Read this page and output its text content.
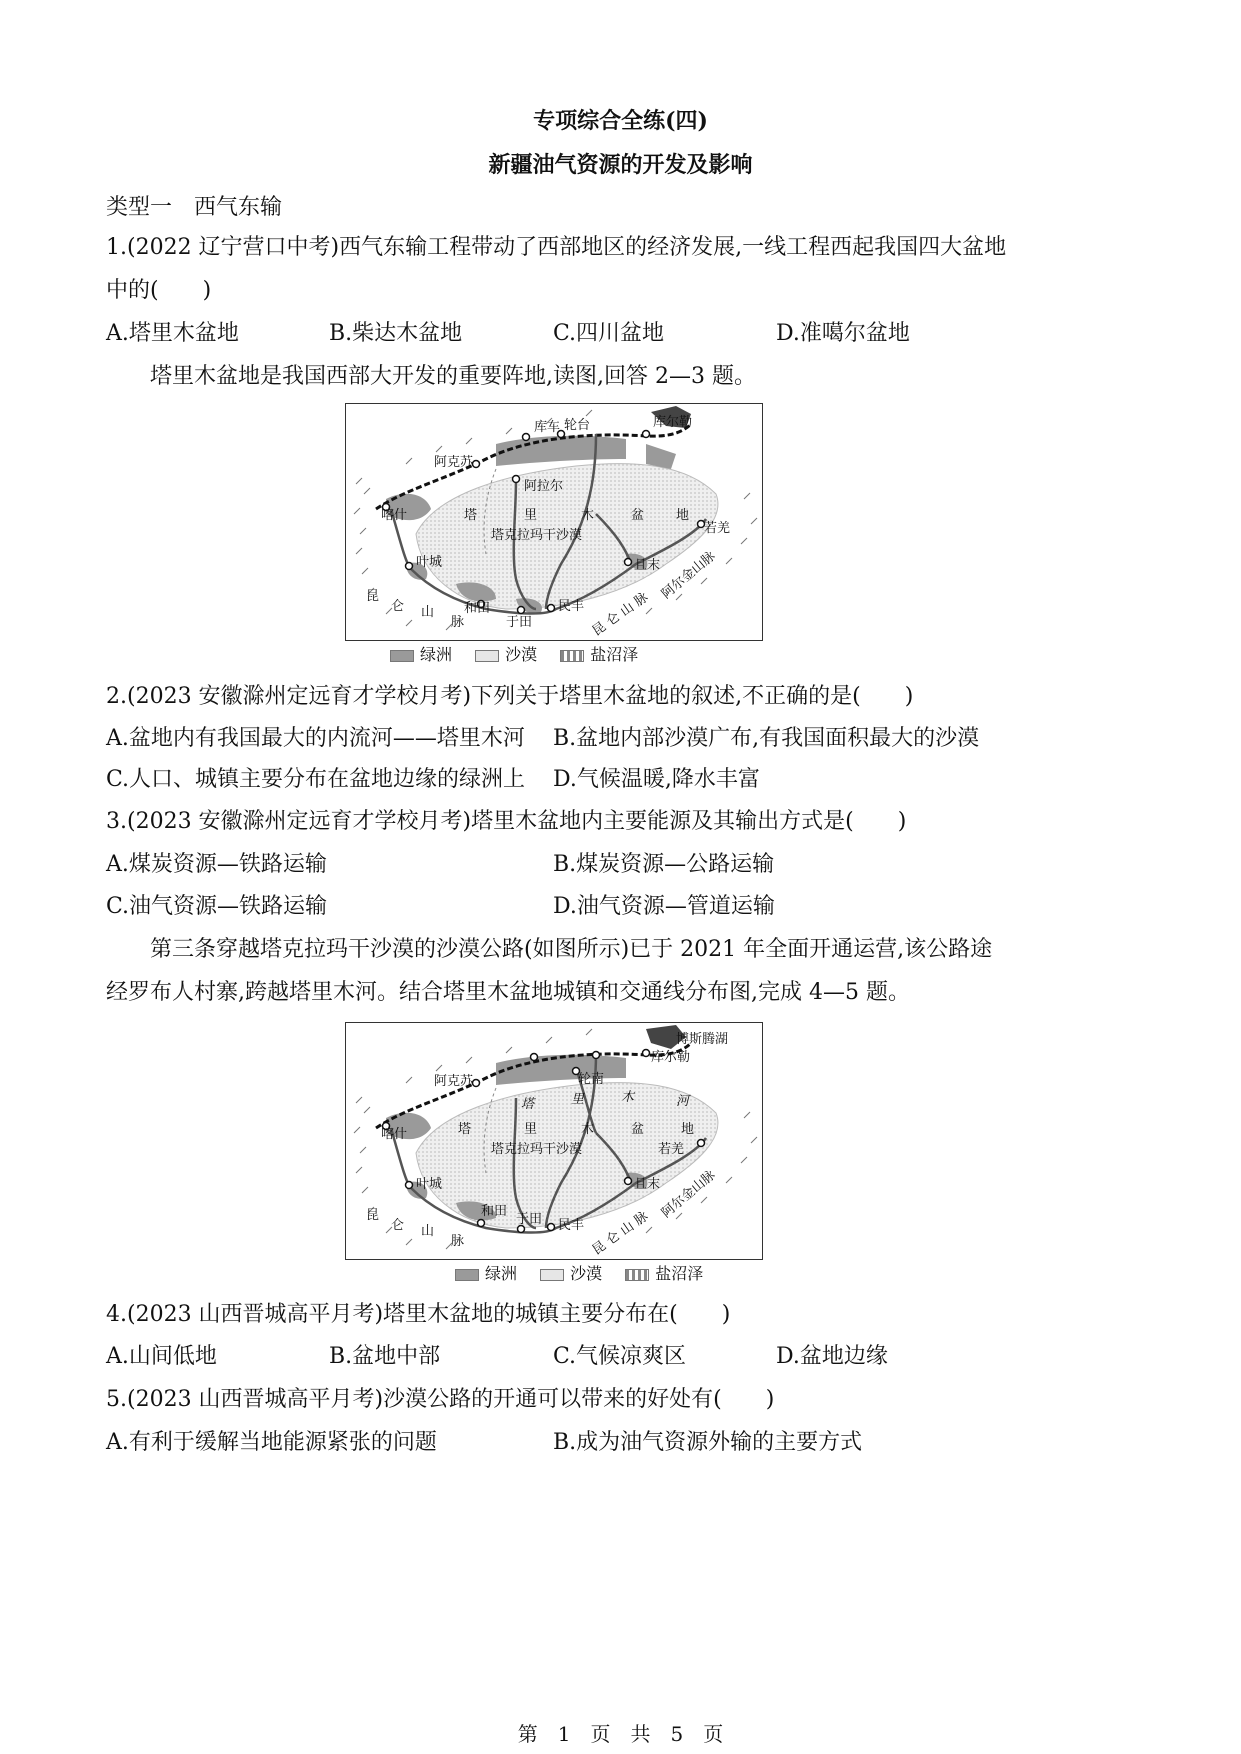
专项综合全练(四)
新疆油气资源的开发及影响
类型一　西气东输
1.(2022 辽宁营口中考)西气东输工程带动了西部地区的经济发展,一线工程西起我国四大盆地
中的(　　)
A.塔里木盆地	B.柴达木盆地	C.四川盆地	D.准噶尔盆地
塔里木盆地是我国西部大开发的重要阵地,读图,回答 2—3 题。
库车 轮台	库尔勒
阿克苏
阿拉尔
喀什	塔	里	木	盆 地
塔克拉玛干沙漠	若羌
叶城	且末
昆
仑 山
脉
和田
于田
民丰 昆 仑 山 脉
阿尔金山脉
绿洲	沙漠	盐沼泽
2.(2023 安徽滁州定远育才学校月考)下列关于塔里木盆地的叙述,不正确的是(　　)
A.盆地内有我国最大的内流河——塔里木河 B.盆地内部沙漠广布,有我国面积最大的沙漠
C.人口、城镇主要分布在盆地边缘的绿洲上 D.气候温暖,降水丰富
3.(2023 安徽滁州定远育才学校月考)塔里木盆地内主要能源及其输出方式是(　　)
A.煤炭资源—铁路运输	B.煤炭资源—公路运输
C.油气资源—铁路运输	D.油气资源—管道运输
第三条穿越塔克拉玛干沙漠的沙漠公路(如图所示)已于 2021 年全面开通运营,该公路途
经罗布人村寨,跨越塔里木河。结合塔里木盆地城镇和交通线分布图,完成 4—5 题。
博斯腾湖
库尔勒
阿克苏	轮南
喀什
塔	里	木	河
塔	里	木	盆	地
塔克拉玛干沙漠	若羌
叶城	且末
昆
仑 山
脉
和田
于田 民丰 昆 仑 山 脉
阿尔金山脉
绿洲	沙漠	盐沼泽
4.(2023 山西晋城高平月考)塔里木盆地的城镇主要分布在(　　)
A.山间低地	B.盆地中部	C.气候凉爽区	D.盆地边缘
5.(2023 山西晋城高平月考)沙漠公路的开通可以带来的好处有(　　)
A.有利于缓解当地能源紧张的问题	B.成为油气资源外输的主要方式
第　1　页　共　5　页
